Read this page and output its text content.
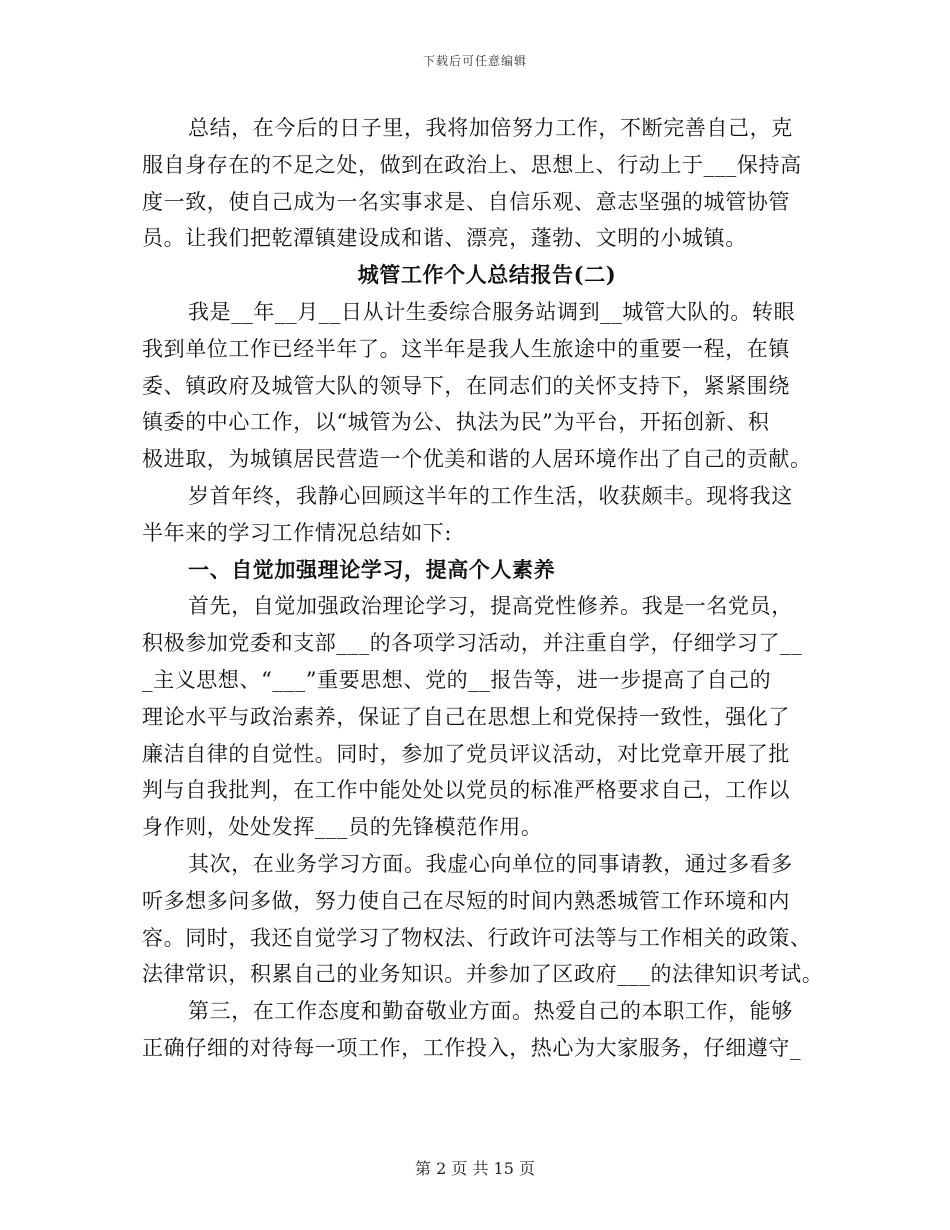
下载后可任意编辑
总结，在今后的日子里，我将加倍努力工作，不断完善自己，克
服自身存在的不足之处，做到在政治上、思想上、行动上于___保持高
度一致，使自己成为一名实事求是、自信乐观、意志坚强的城管协管
员。让我们把乾潭镇建设成和谐、漂亮，蓬勃、文明的小城镇。
城管工作个人总结报告(二)
我是__年__月__日从计生委综合服务站调到__城管大队的。转眼
我到单位工作已经半年了。这半年是我人生旅途中的重要一程，在镇
委、镇政府及城管大队的领导下，在同志们的关怀支持下，紧紧围绕
镇委的中心工作，以“城管为公、执法为民”为平台，开拓创新、积
极进取，为城镇居民营造一个优美和谐的人居环境作出了自己的贡献。
岁首年终，我静心回顾这半年的工作生活，收获颇丰。现将我这
半年来的学习工作情况总结如下:
一、自觉加强理论学习，提高个人素养
首先，自觉加强政治理论学习，提高党性修养。我是一名党员，
积极参加党委和支部___的各项学习活动，并注重自学，仔细学习了__
_主义思想、“___”重要思想、党的__报告等，进一步提高了自己的
理论水平与政治素养，保证了自己在思想上和党保持一致性，强化了
廉洁自律的自觉性。同时，参加了党员评议活动，对比党章开展了批
判与自我批判，在工作中能处处以党员的标准严格要求自己，工作以
身作则，处处发挥___员的先锋模范作用。
其次，在业务学习方面。我虚心向单位的同事请教，通过多看多
听多想多问多做，努力使自己在尽短的时间内熟悉城管工作环境和内
容。同时，我还自觉学习了物权法、行政许可法等与工作相关的政策、
法律常识，积累自己的业务知识。并参加了区政府___的法律知识考试。
第三，在工作态度和勤奋敬业方面。热爱自己的本职工作，能够
正确仔细的对待每一项工作，工作投入，热心为大家服务，仔细遵守_
第 2 页 共 15 页
